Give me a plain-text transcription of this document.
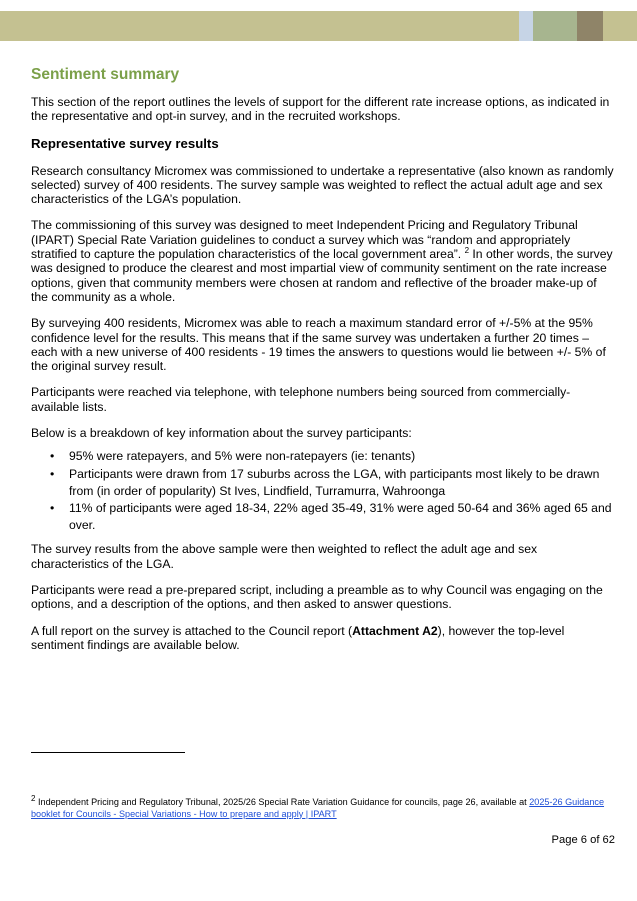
Sentiment summary

This section of the report outlines the levels of support for the different rate increase options, as indicated in the representative and opt-in survey, and in the recruited workshops.

Representative survey results

Research consultancy Micromex was commissioned to undertake a representative (also known as randomly selected) survey of 400 residents. The survey sample was weighted to reflect the actual adult age and sex characteristics of the LGA’s population.

The commissioning of this survey was designed to meet Independent Pricing and Regulatory Tribunal (IPART) Special Rate Variation guidelines to conduct a survey which was “random and appropriately stratified to capture the population characteristics of the local government area”. $^2$ In other words, the survey was designed to produce the clearest and most impartial view of community sentiment on the rate increase options, given that community members were chosen at random and reflective of the broader make-up of the community as a whole.

By surveying 400 residents, Micromex was able to reach a maximum standard error of +/-5% at the 95% confidence level for the results. This means that if the same survey was undertaken a further 20 times – each with a new universe of 400 residents - 19 times the answers to questions would lie between +/- 5% of the original survey result.

Participants were reached via telephone, with telephone numbers being sourced from commercially-available lists.

Below is a breakdown of key information about the survey participants:

• 95% were ratepayers, and 5% were non-ratepayers (ie: tenants)
• Participants were drawn from 17 suburbs across the LGA, with participants most likely to be drawn from (in order of popularity) St Ives, Lindfield, Turramurra, Wahroonga
• 11% of participants were aged 18-34, 22% aged 35-49, 31% were aged 50-64 and 36% aged 65 and over.

The survey results from the above sample were then weighted to reflect the adult age and sex characteristics of the LGA.

Participants were read a pre-prepared script, including a preamble as to why Council was engaging on the options, and a description of the options, and then asked to answer questions.

A full report on the survey is attached to the Council report (Attachment A2), however the top-level sentiment findings are available below.

$^2$ Independent Pricing and Regulatory Tribunal, 2025/26 Special Rate Variation Guidance for councils, page 26, available at 2025-26 Guidance booklet for Councils - Special Variations - How to prepare and apply | IPART
Page 6 of 62
